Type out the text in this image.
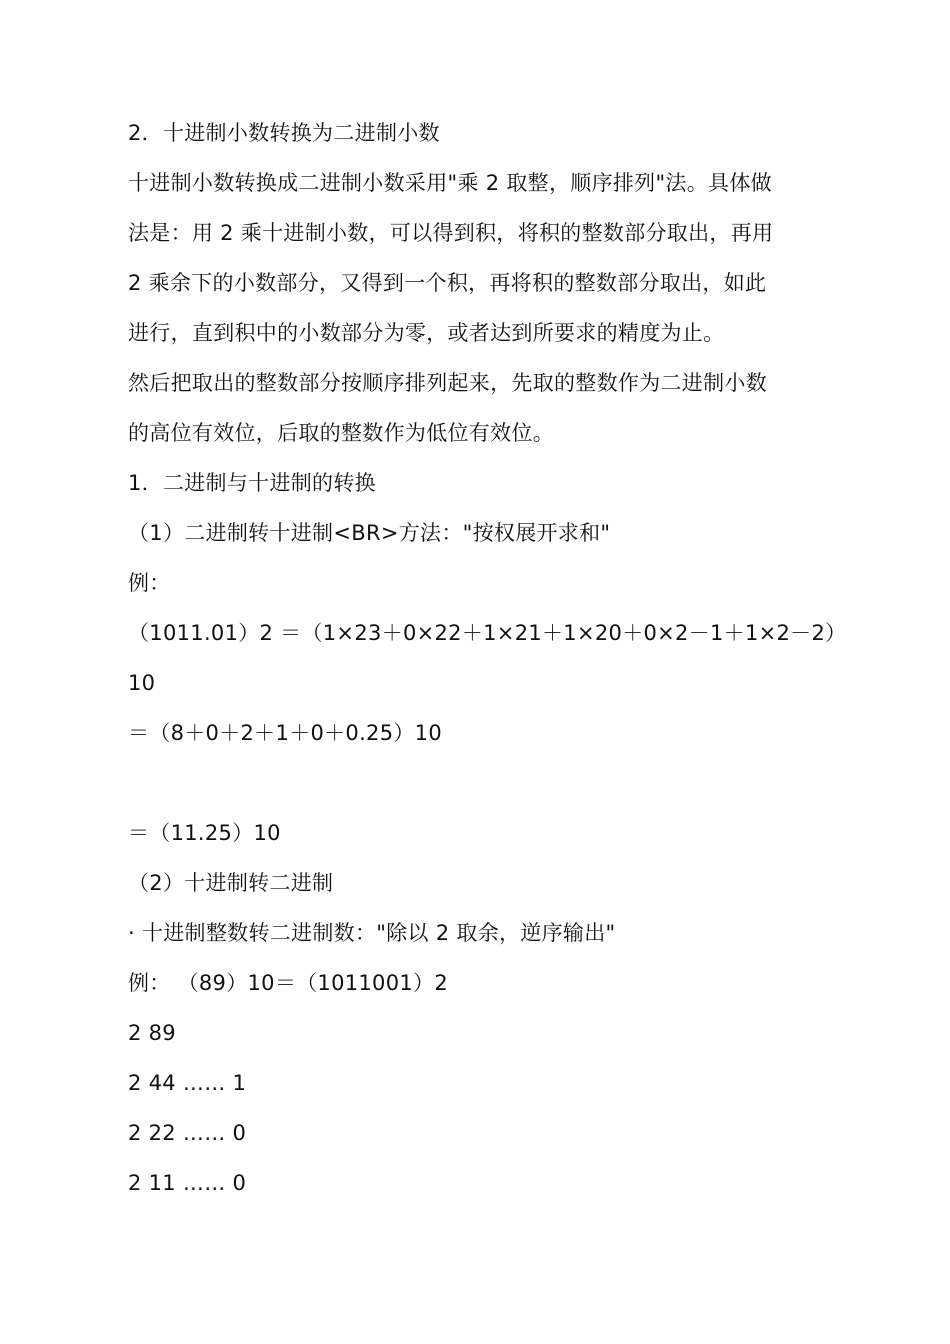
2．十进制小数转换为二进制小数
十进制小数转换成二进制小数采用"乘 2 取整，顺序排列"法。具体做
法是：用 2 乘十进制小数，可以得到积，将积的整数部分取出，再用
2 乘余下的小数部分，又得到一个积，再将积的整数部分取出，如此
进行，直到积中的小数部分为零，或者达到所要求的精度为止。
然后把取出的整数部分按顺序排列起来，先取的整数作为二进制小数
的高位有效位，后取的整数作为低位有效位。
1．二进制与十进制的转换
（1）二进制转十进制<BR>方法："按权展开求和"
例：
（1011.01）2 ＝（1×23＋0×22＋1×21＋1×20＋0×2－1＋1×2－2）
10
＝（8＋0＋2＋1＋0＋0.25）10
＝（11.25）10
（2）十进制转二进制
· 十进制整数转二进制数："除以 2 取余，逆序输出"
例： （89）10＝（1011001）2
2 89
2 44 …… 1
2 22 …… 0
2 11 …… 0
